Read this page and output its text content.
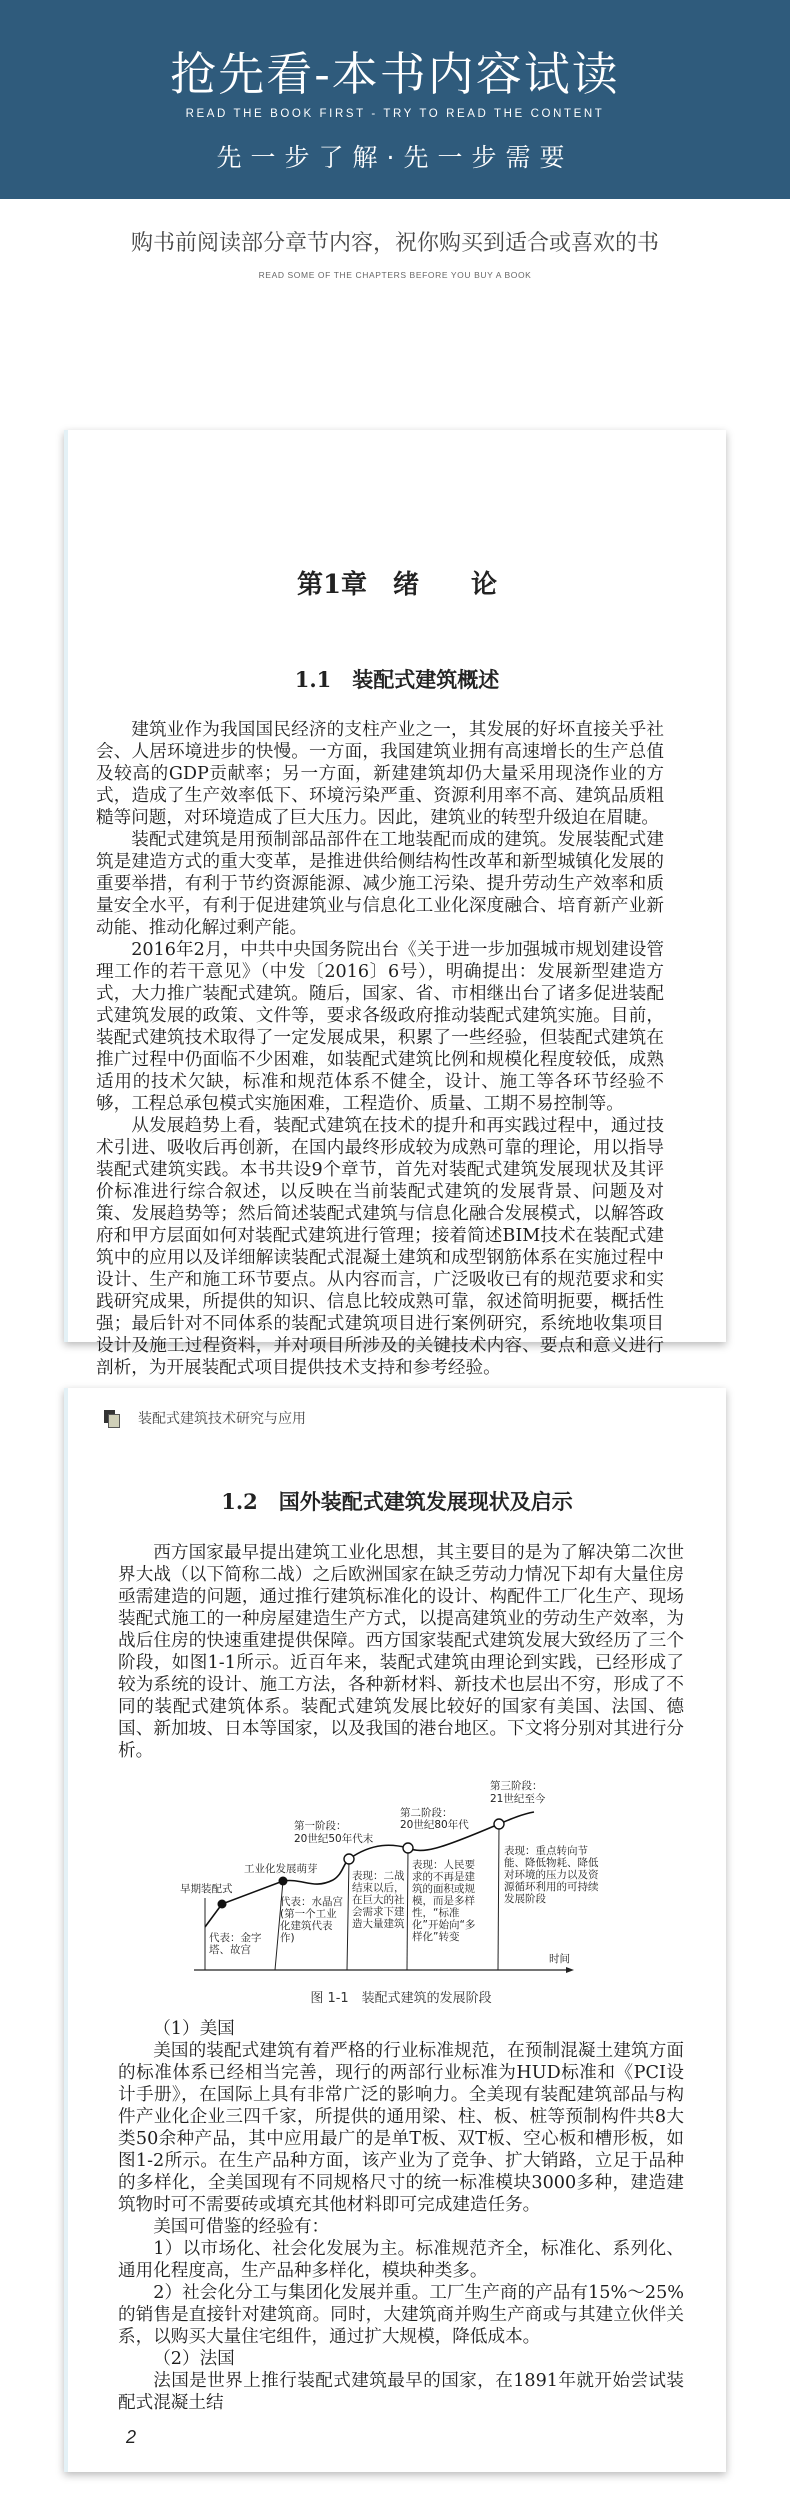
抢先看-本书内容试读
READ THE BOOK FIRST - TRY TO READ THE CONTENT
先一步了解·先一步需要
购书前阅读部分章节内容，祝你购买到适合或喜欢的书
READ SOME OF THE CHAPTERS BEFORE YOU BUY A BOOK
第1章　绪　　论
1.1　装配式建筑概述

建筑业作为我国国民经济的支柱产业之一，其发展的好坏直接关乎社会、人居环境进步的快慢。一方面，我国建筑业拥有高速增长的生产总值及较高的GDP贡献率；另一方面，新建建筑却仍大量采用现浇作业的方式，造成了生产效率低下、环境污染严重、资源利用率不高、建筑品质粗糙等问题，对环境造成了巨大压力。因此，建筑业的转型升级迫在眉睫。

装配式建筑是用预制部品部件在工地装配而成的建筑。发展装配式建筑是建造方式的重大变革，是推进供给侧结构性改革和新型城镇化发展的重要举措，有利于节约资源能源、减少施工污染、提升劳动生产效率和质量安全水平，有利于促进建筑业与信息化工业化深度融合、培育新产业新动能、推动化解过剩产能。

2016年2月，中共中央国务院出台《关于进一步加强城市规划建设管理工作的若干意见》（中发〔2016〕6号），明确提出：发展新型建造方式，大力推广装配式建筑。随后，国家、省、市相继出台了诸多促进装配式建筑发展的政策、文件等，要求各级政府推动装配式建筑实施。目前，装配式建筑技术取得了一定发展成果，积累了一些经验，但装配式建筑在推广过程中仍面临不少困难，如装配式建筑比例和规模化程度较低，成熟适用的技术欠缺，标准和规范体系不健全，设计、施工等各环节经验不够，工程总承包模式实施困难，工程造价、质量、工期不易控制等。

从发展趋势上看，装配式建筑在技术的提升和再实践过程中，通过技术引进、吸收后再创新，在国内最终形成较为成熟可靠的理论，用以指导装配式建筑实践。本书共设9个章节，首先对装配式建筑发展现状及其评价标准进行综合叙述，以反映在当前装配式建筑的发展背景、问题及对策、发展趋势等；然后简述装配式建筑与信息化融合发展模式，以解答政府和甲方层面如何对装配式建筑进行管理；接着简述BIM技术在装配式建筑中的应用以及详细解读装配式混凝土建筑和成型钢筋体系在实施过程中设计、生产和施工环节要点。从内容而言，广泛吸收已有的规范要求和实践研究成果，所提供的知识、信息比较成熟可靠，叙述简明扼要，概括性强；最后针对不同体系的装配式建筑项目进行案例研究，系统地收集项目设计及施工过程资料，并对项目所涉及的关键技术内容、要点和意义进行剖析，为开展装配式项目提供技术支持和参考经验。

装配式建筑技术研究与应用
1.2　国外装配式建筑发展现状及启示

西方国家最早提出建筑工业化思想，其主要目的是为了解决第二次世界大战（以下简称二战）之后欧洲国家在缺乏劳动力情况下却有大量住房亟需建造的问题，通过推行建筑标准化的设计、构配件工厂化生产、现场装配式施工的一种房屋建造生产方式，以提高建筑业的劳动生产效率，为战后住房的快速重建提供保障。西方国家装配式建筑发展大致经历了三个阶段，如图1-1所示。近百年来，装配式建筑由理论到实践，已经形成了较为系统的设计、施工方法，各种新材料、新技术也层出不穷，形成了不同的装配式建筑体系。装配式建筑发展比较好的国家有美国、法国、德国、新加坡、日本等国家，以及我国的港台地区。下文将分别对其进行分析。

早期装配式
代表：金字塔、故宫
工业化发展萌芽
代表：水晶宫(第一个工业化建筑代表作)
第一阶段：
20世纪50年代末
表现：二战结束以后，在巨大的社会需求下建造大量建筑
第二阶段：
20世纪80年代
表现：人民要求的不再是建筑的面积或规模，而是多样性，“标准化”开始向“多样化”转变
第三阶段：
21世纪至今
表现：重点转向节能、降低物耗、降低对环境的压力以及资源循环利用的可持续发展阶段
时间

图 1-1　装配式建筑的发展阶段

（1）美国

美国的装配式建筑有着严格的行业标准规范，在预制混凝土建筑方面的标准体系已经相当完善，现行的两部行业标准为HUD标准和《PCI设计手册》，在国际上具有非常广泛的影响力。全美现有装配建筑部品与构件产业化企业三四千家，所提供的通用梁、柱、板、桩等预制构件共8大类50余种产品，其中应用最广的是单T板、双T板、空心板和槽形板，如图1-2所示。在生产品种方面，该产业为了竞争、扩大销路，立足于品种的多样化，全美国现有不同规格尺寸的统一标准模块3000多种，建造建筑物时可不需要砖或填充其他材料即可完成建造任务。

美国可借鉴的经验有：

1）以市场化、社会化发展为主。标准规范齐全，标准化、系列化、通用化程度高，生产品种多样化，模块种类多。

2）社会化分工与集团化发展并重。工厂生产商的产品有15%～25%的销售是直接针对建筑商。同时，大建筑商并购生产商或与其建立伙伴关系，以购买大量住宅组件，通过扩大规模，降低成本。

（2）法国

法国是世界上推行装配式建筑最早的国家，在1891年就开始尝试装配式混凝土结

2
